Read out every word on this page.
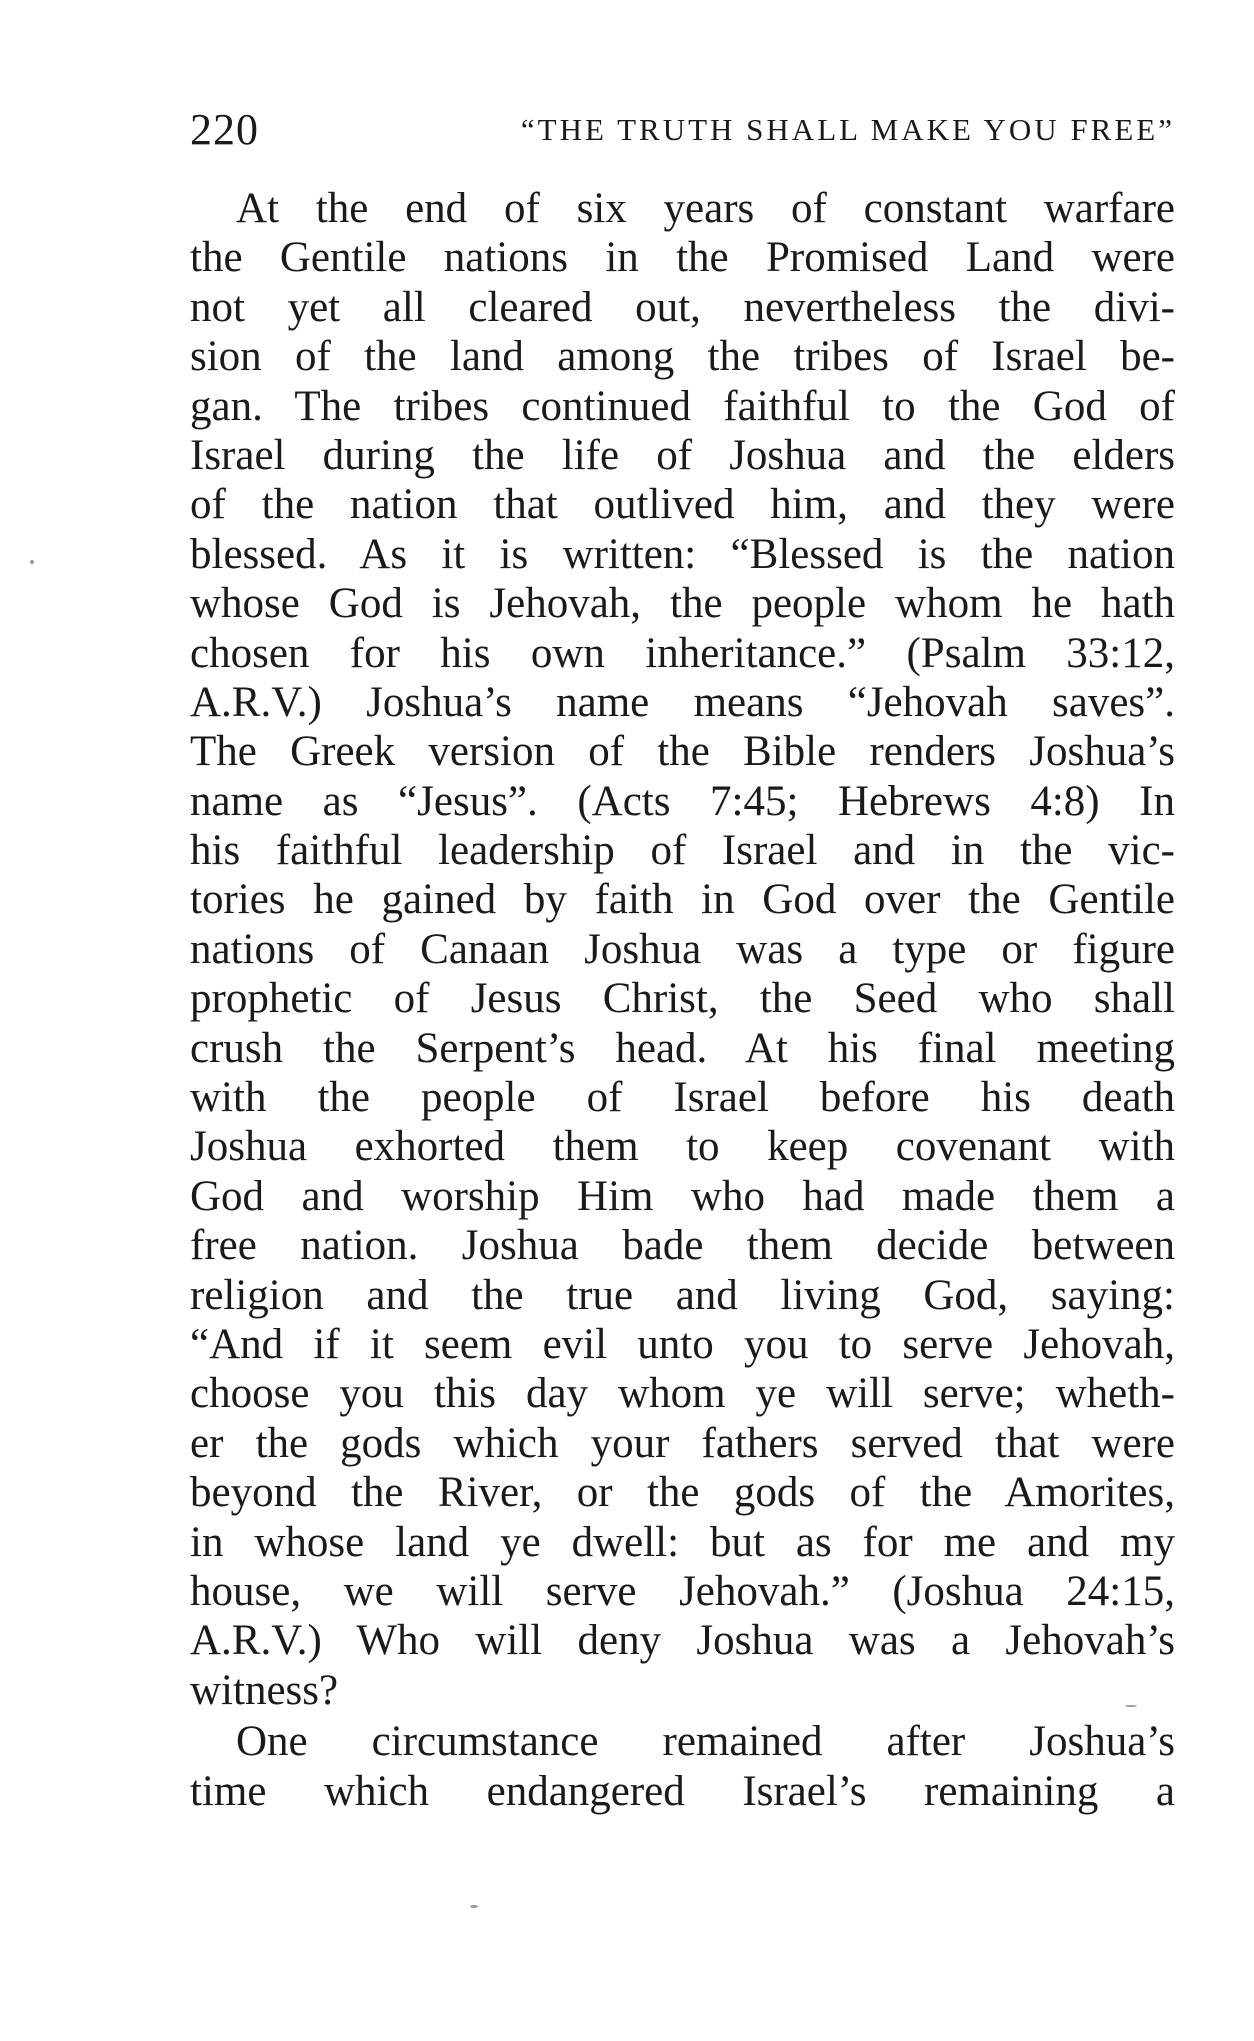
220	“THE TRUTH SHALL MAKE YOU FREE”
At the end of six years of constant warfare
the Gentile nations in the Promised Land were
not yet all cleared out, nevertheless the divi-
sion of the land among the tribes of Israel be-
gan. The tribes continued faithful to the God of
Israel during the life of Joshua and the elders
of the nation that outlived him, and they were
blessed. As it is written: “Blessed is the nation
whose God is Jehovah, the people whom he hath
chosen for his own inheritance.” (Psalm 33:12,
A.R.V.) Joshua’s name means “Jehovah saves”.
The Greek version of the Bible renders Joshua’s
name as “Jesus”. (Acts 7:45; Hebrews 4:8) In
his faithful leadership of Israel and in the vic-
tories he gained by faith in God over the Gentile
nations of Canaan Joshua was a type or figure
prophetic of Jesus Christ, the Seed who shall
crush the Serpent’s head. At his final meeting
with the people of Israel before his death
Joshua exhorted them to keep covenant with
God and worship Him who had made them a
free nation. Joshua bade them decide between
religion and the true and living God, saying:
“And if it seem evil unto you to serve Jehovah,
choose you this day whom ye will serve; wheth-
er the gods which your fathers served that were
beyond the River, or the gods of the Amorites,
in whose land ye dwell: but as for me and my
house, we will serve Jehovah.” (Joshua 24:15,
A.R.V.) Who will deny Joshua was a Jehovah’s
witness?
One circumstance remained after Joshua’s
time which endangered Israel’s remaining a
